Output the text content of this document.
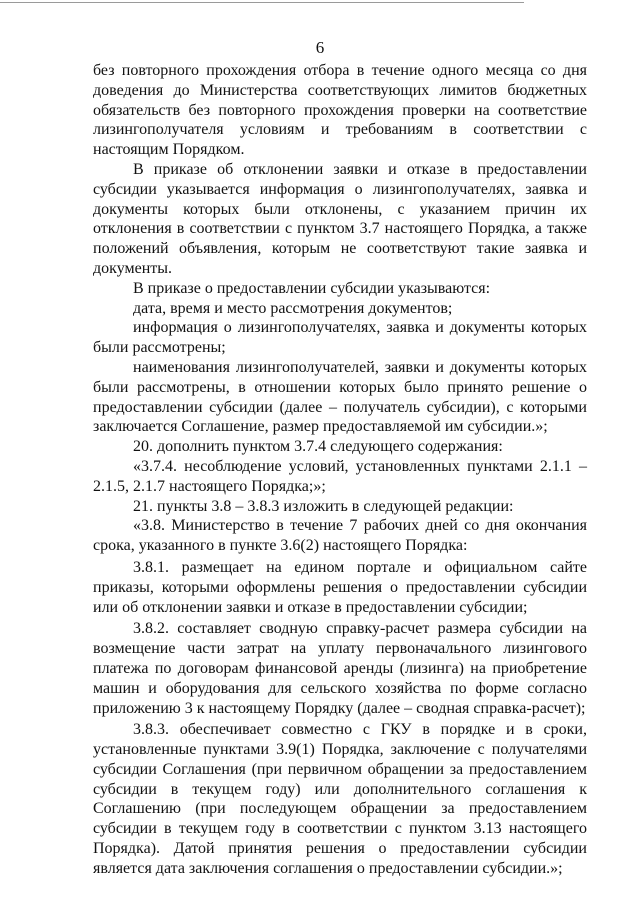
6

без повторного прохождения отбора в течение одного месяца со дня доведения до Министерства соответствующих лимитов бюджетных обязательств без повторного прохождения проверки на соответствие лизингополучателя условиям и требованиям в соответствии с настоящим Порядком.

В приказе об отклонении заявки и отказе в предоставлении субсидии указывается информация о лизингополучателях, заявка и документы которых были отклонены, с указанием причин их отклонения в соответствии с пунктом 3.7 настоящего Порядка, а также положений объявления, которым не соответствуют такие заявка и документы.

В приказе о предоставлении субсидии указываются:

дата, время и место рассмотрения документов;

информация о лизингополучателях, заявка и документы которых были рассмотрены;

наименования лизингополучателей, заявки и документы которых были рассмотрены, в отношении которых было принято решение о предоставлении субсидии (далее – получатель субсидии), с которыми заключается Соглашение, размер предоставляемой им субсидии.»;

20. дополнить пунктом 3.7.4 следующего содержания:

«3.7.4. несоблюдение условий, установленных пунктами 2.1.1 – 2.1.5, 2.1.7 настоящего Порядка;»;

21. пункты 3.8 – 3.8.3 изложить в следующей редакции:

«3.8. Министерство в течение 7 рабочих дней со дня окончания срока, указанного в пункте 3.6(2) настоящего Порядка:

3.8.1. размещает на едином портале и официальном сайте приказы, которыми оформлены решения о предоставлении субсидии или об отклонении заявки и отказе в предоставлении субсидии;

3.8.2. составляет сводную справку-расчет размера субсидии на возмещение части затрат на уплату первоначального лизингового платежа по договорам финансовой аренды (лизинга) на приобретение машин и оборудования для сельского хозяйства по форме согласно приложению 3 к настоящему Порядку (далее – сводная справка-расчет);

3.8.3. обеспечивает совместно с ГКУ в порядке и в сроки, установленные пунктами 3.9(1) Порядка, заключение с получателями субсидии Соглашения (при первичном обращении за предоставлением субсидии в текущем году) или дополнительного соглашения к Соглашению (при последующем обращении за предоставлением субсидии в текущем году в соответствии с пунктом 3.13 настоящего Порядка). Датой принятия решения о предоставлении субсидии является дата заключения соглашения о предоставлении субсидии.»;
